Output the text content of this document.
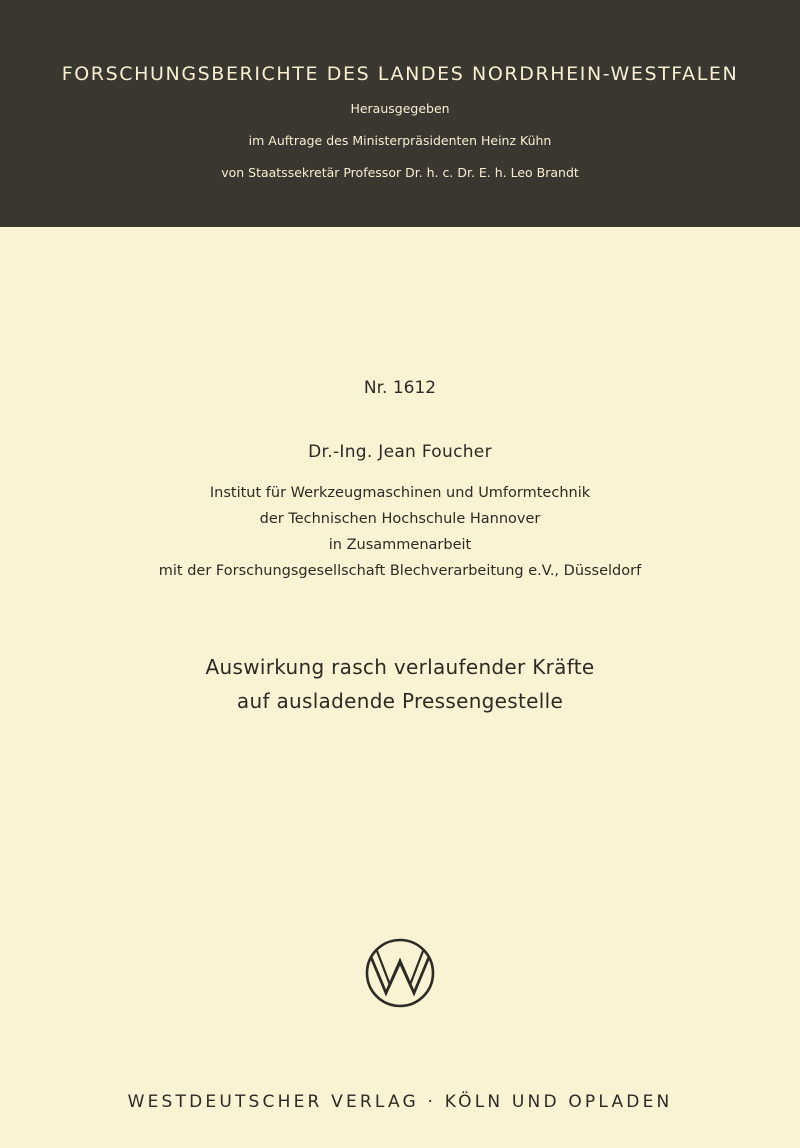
FORSCHUNGSBERICHTE DES LANDES NORDRHEIN-WESTFALEN
Herausgegeben
im Auftrage des Ministerpräsidenten Heinz Kühn
von Staatssekretär Professor Dr. h. c. Dr. E. h. Leo Brandt
Nr. 1612
Dr.-Ing. Jean Foucher
Institut für Werkzeugmaschinen und Umformtechnik
der Technischen Hochschule Hannover
in Zusammenarbeit
mit der Forschungsgesellschaft Blechverarbeitung e.V., Düsseldorf
Auswirkung rasch verlaufender Kräfte
auf ausladende Pressengestelle
WESTDEUTSCHER VERLAG · KÖLN UND OPLADEN
